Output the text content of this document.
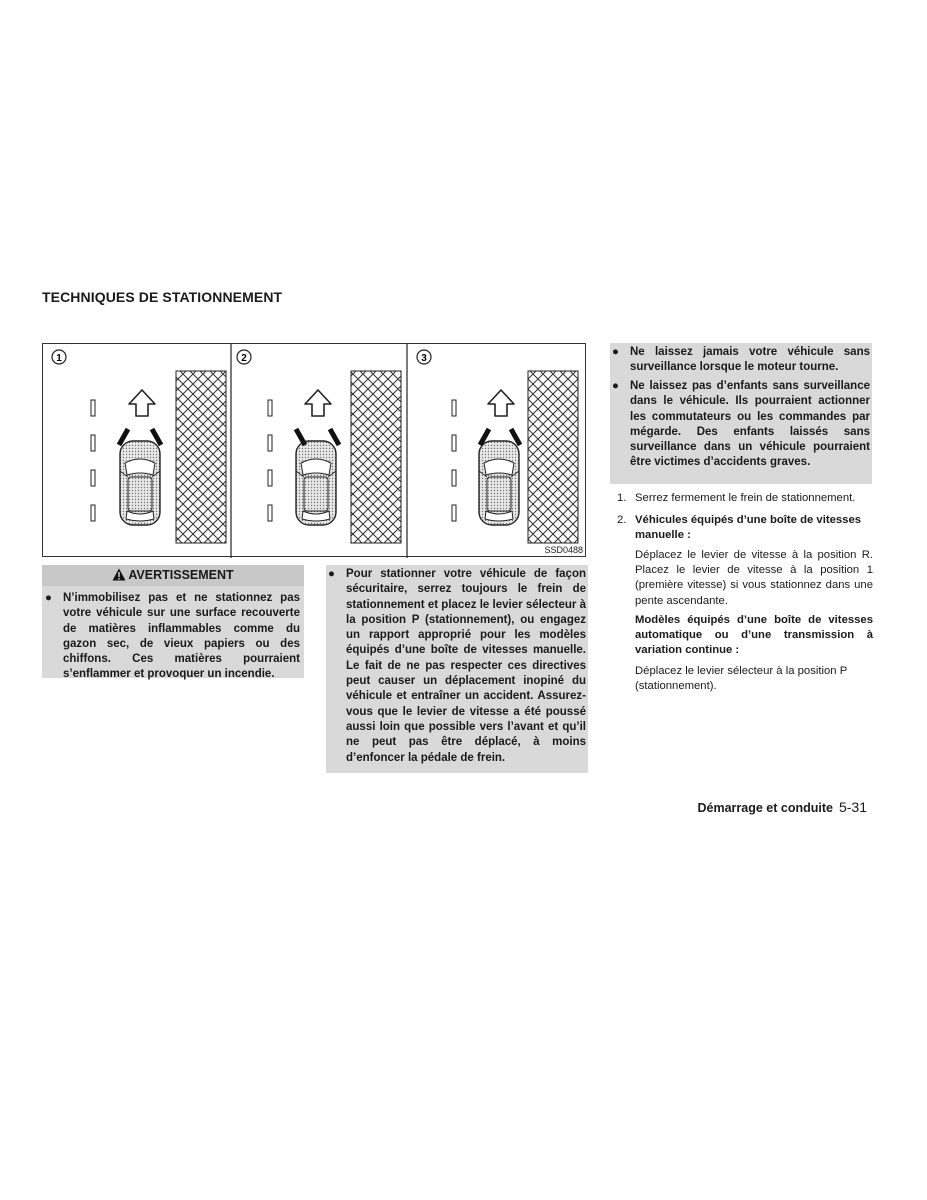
TECHNIQUES DE STATIONNEMENT
1	2	3
SSD0488
AVERTISSEMENT
● N’immobilisez pas et ne stationnez pas votre véhicule sur une surface recouverte de matières inflammables comme du gazon sec, de vieux papiers ou des chiffons. Ces matières pourraient s’enflammer et provoquer un incendie.
● Pour stationner votre véhicule de façon sécuritaire, serrez toujours le frein de stationnement et placez le levier sélecteur à la position P (stationnement), ou engagez un rapport approprié pour les modèles équipés d’une boîte de vitesses manuelle. Le fait de ne pas respecter ces directives peut causer un déplacement inopiné du véhicule et entraîner un accident. Assurez-vous que le levier de vitesse a été poussé aussi loin que possible vers l’avant et qu’il ne peut pas être déplacé, à moins d’enfoncer la pédale de frein.
● Ne laissez jamais votre véhicule sans surveillance lorsque le moteur tourne.
● Ne laissez pas d’enfants sans surveillance dans le véhicule. Ils pourraient actionner les commutateurs ou les commandes par mégarde. Des enfants laissés sans surveillance dans un véhicule pourraient être victimes d’accidents graves.
1. Serrez fermement le frein de stationnement.
2. Véhicules équipés d’une boîte de vitesses manuelle :
Déplacez le levier de vitesse à la position R. Placez le levier de vitesse à la position 1 (première vitesse) si vous stationnez dans une pente ascendante.
Modèles équipés d’une boîte de vitesses automatique ou d’une transmission à variation continue :
Déplacez le levier sélecteur à la position P (stationnement).
Démarrage et conduite 5-31
